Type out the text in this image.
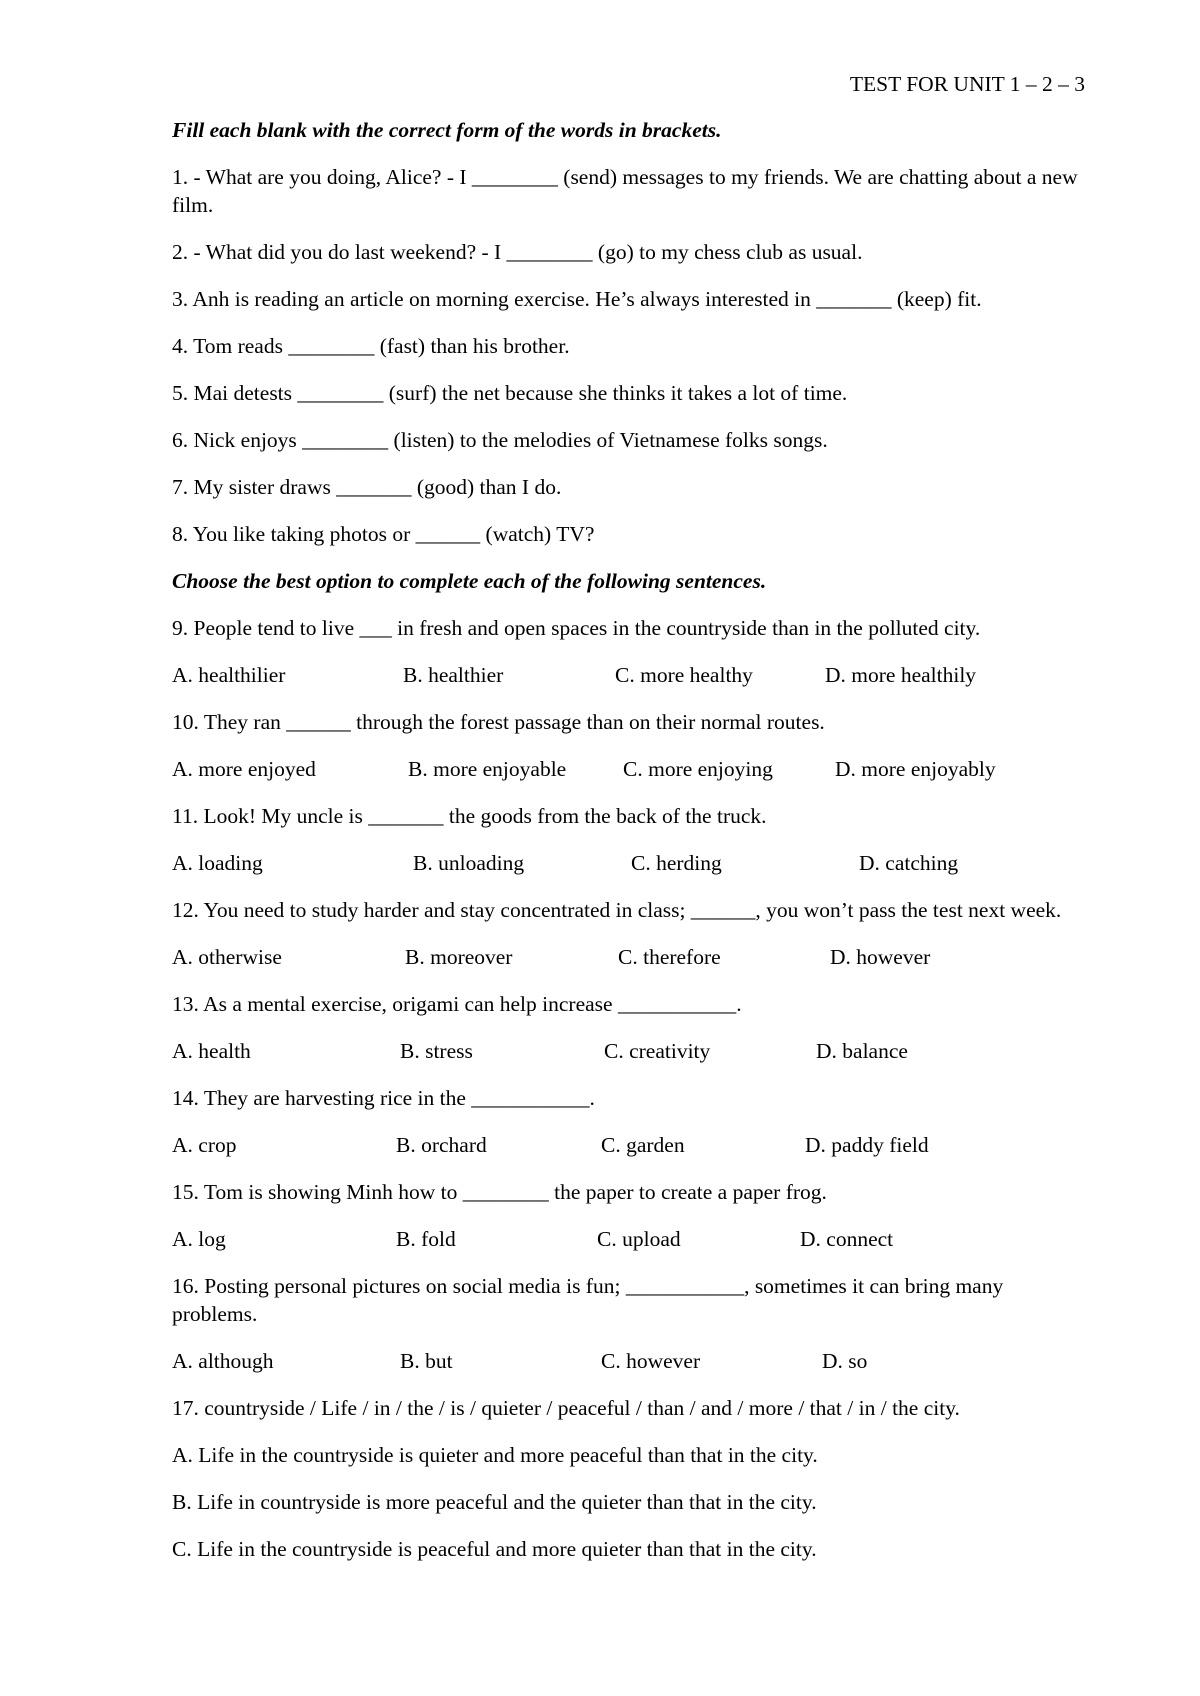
TEST FOR UNIT 1 – 2 – 3
Fill each blank with the correct form of the words in brackets.
1. - What are you doing, Alice? - I ________ (send) messages to my friends. We are chatting about a new film.
2. - What did you do last weekend? - I ________ (go) to my chess club as usual.
3. Anh is reading an article on morning exercise. He’s always interested in _______ (keep) fit.
4. Tom reads ________ (fast) than his brother.
5. Mai detests ________ (surf) the net because she thinks it takes a lot of time.
6. Nick enjoys ________ (listen) to the melodies of Vietnamese folks songs.
7. My sister draws _______ (good) than I do.
8. You like taking photos or ______ (watch) TV?
Choose the best option to complete each of the following sentences.
9. People tend to live ___ in fresh and open spaces in the countryside than in the polluted city.
A. healthilier	B. healthier	C. more healthy	D. more healthily
10. They ran ______ through the forest passage than on their normal routes.
A. more enjoyed	B. more enjoyable	C. more enjoying	D. more enjoyably
11. Look! My uncle is _______ the goods from the back of the truck.
A. loading	B. unloading	C. herding	D. catching
12. You need to study harder and stay concentrated in class; ______, you won’t pass the test next week.
A. otherwise	B. moreover	C. therefore	D. however
13. As a mental exercise, origami can help increase ___________.
A. health	B. stress	C. creativity	D. balance
14. They are harvesting rice in the ___________.
A. crop	B. orchard	C. garden	D. paddy field
15. Tom is showing Minh how to ________ the paper to create a paper frog.
A. log	B. fold	C. upload	D. connect
16. Posting personal pictures on social media is fun; ___________, sometimes it can bring many problems.
A. although	B. but	C. however	D. so
17. countryside / Life / in / the / is / quieter / peaceful / than / and / more / that / in / the city.
A. Life in the countryside is quieter and more peaceful than that in the city.
B. Life in countryside is more peaceful and the quieter than that in the city.
C. Life in the countryside is peaceful and more quieter than that in the city.
